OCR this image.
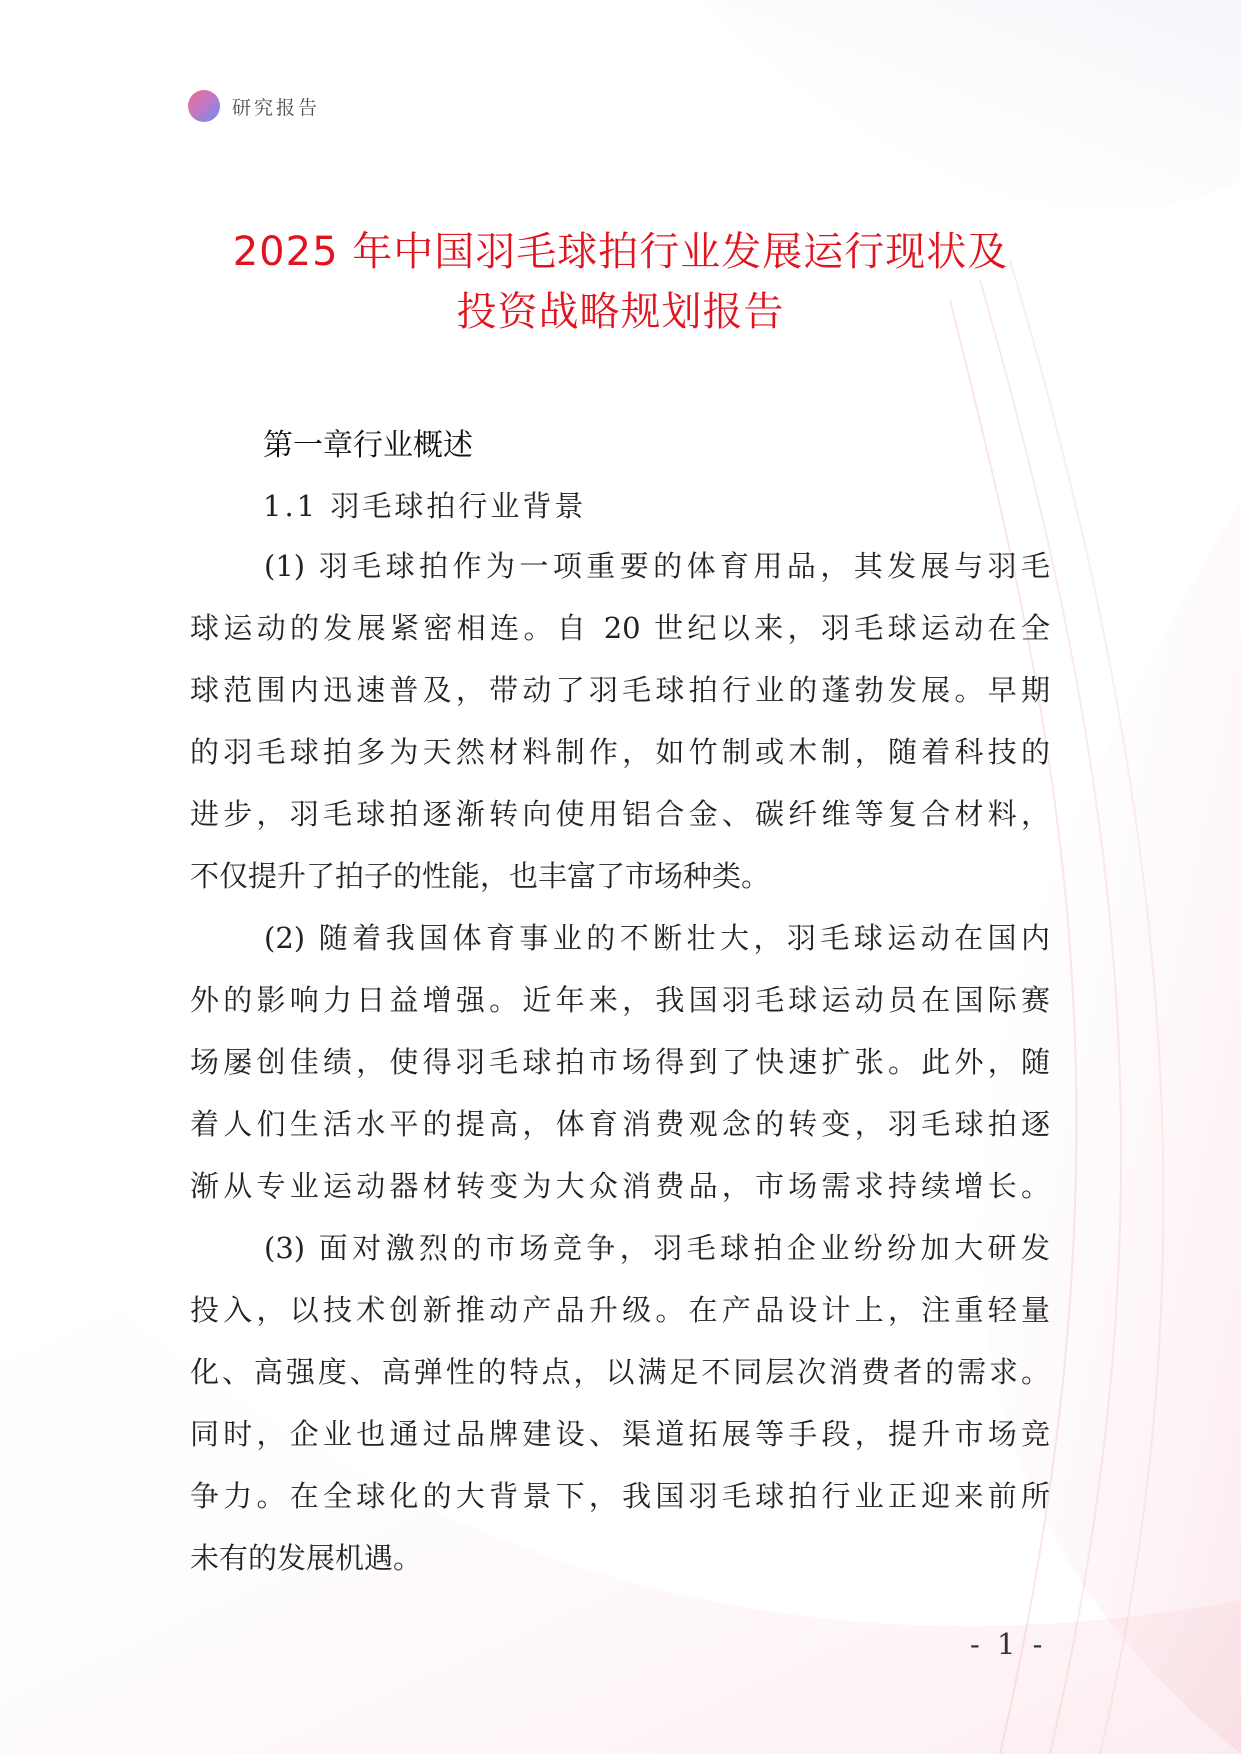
研究报告
2025 年中国羽毛球拍行业发展运行现状及
投资战略规划报告
第一章行业概述
1.1 羽毛球拍行业背景
(1) 羽毛球拍作为一项重要的体育用品，其发展与羽毛
球运动的发展紧密相连。自 20 世纪以来，羽毛球运动在全
球范围内迅速普及，带动了羽毛球拍行业的蓬勃发展。早期
的羽毛球拍多为天然材料制作，如竹制或木制，随着科技的
进步，羽毛球拍逐渐转向使用铝合金、碳纤维等复合材料，
不仅提升了拍子的性能，也丰富了市场种类。
(2) 随着我国体育事业的不断壮大，羽毛球运动在国内
外的影响力日益增强。近年来，我国羽毛球运动员在国际赛
场屡创佳绩，使得羽毛球拍市场得到了快速扩张。此外，随
着人们生活水平的提高，体育消费观念的转变，羽毛球拍逐
渐从专业运动器材转变为大众消费品，市场需求持续增长。
(3) 面对激烈的市场竞争，羽毛球拍企业纷纷加大研发
投入，以技术创新推动产品升级。在产品设计上，注重轻量
化、高强度、高弹性的特点，以满足不同层次消费者的需求。
同时，企业也通过品牌建设、渠道拓展等手段，提升市场竞
争力。在全球化的大背景下，我国羽毛球拍行业正迎来前所
未有的发展机遇。
- 1 -
